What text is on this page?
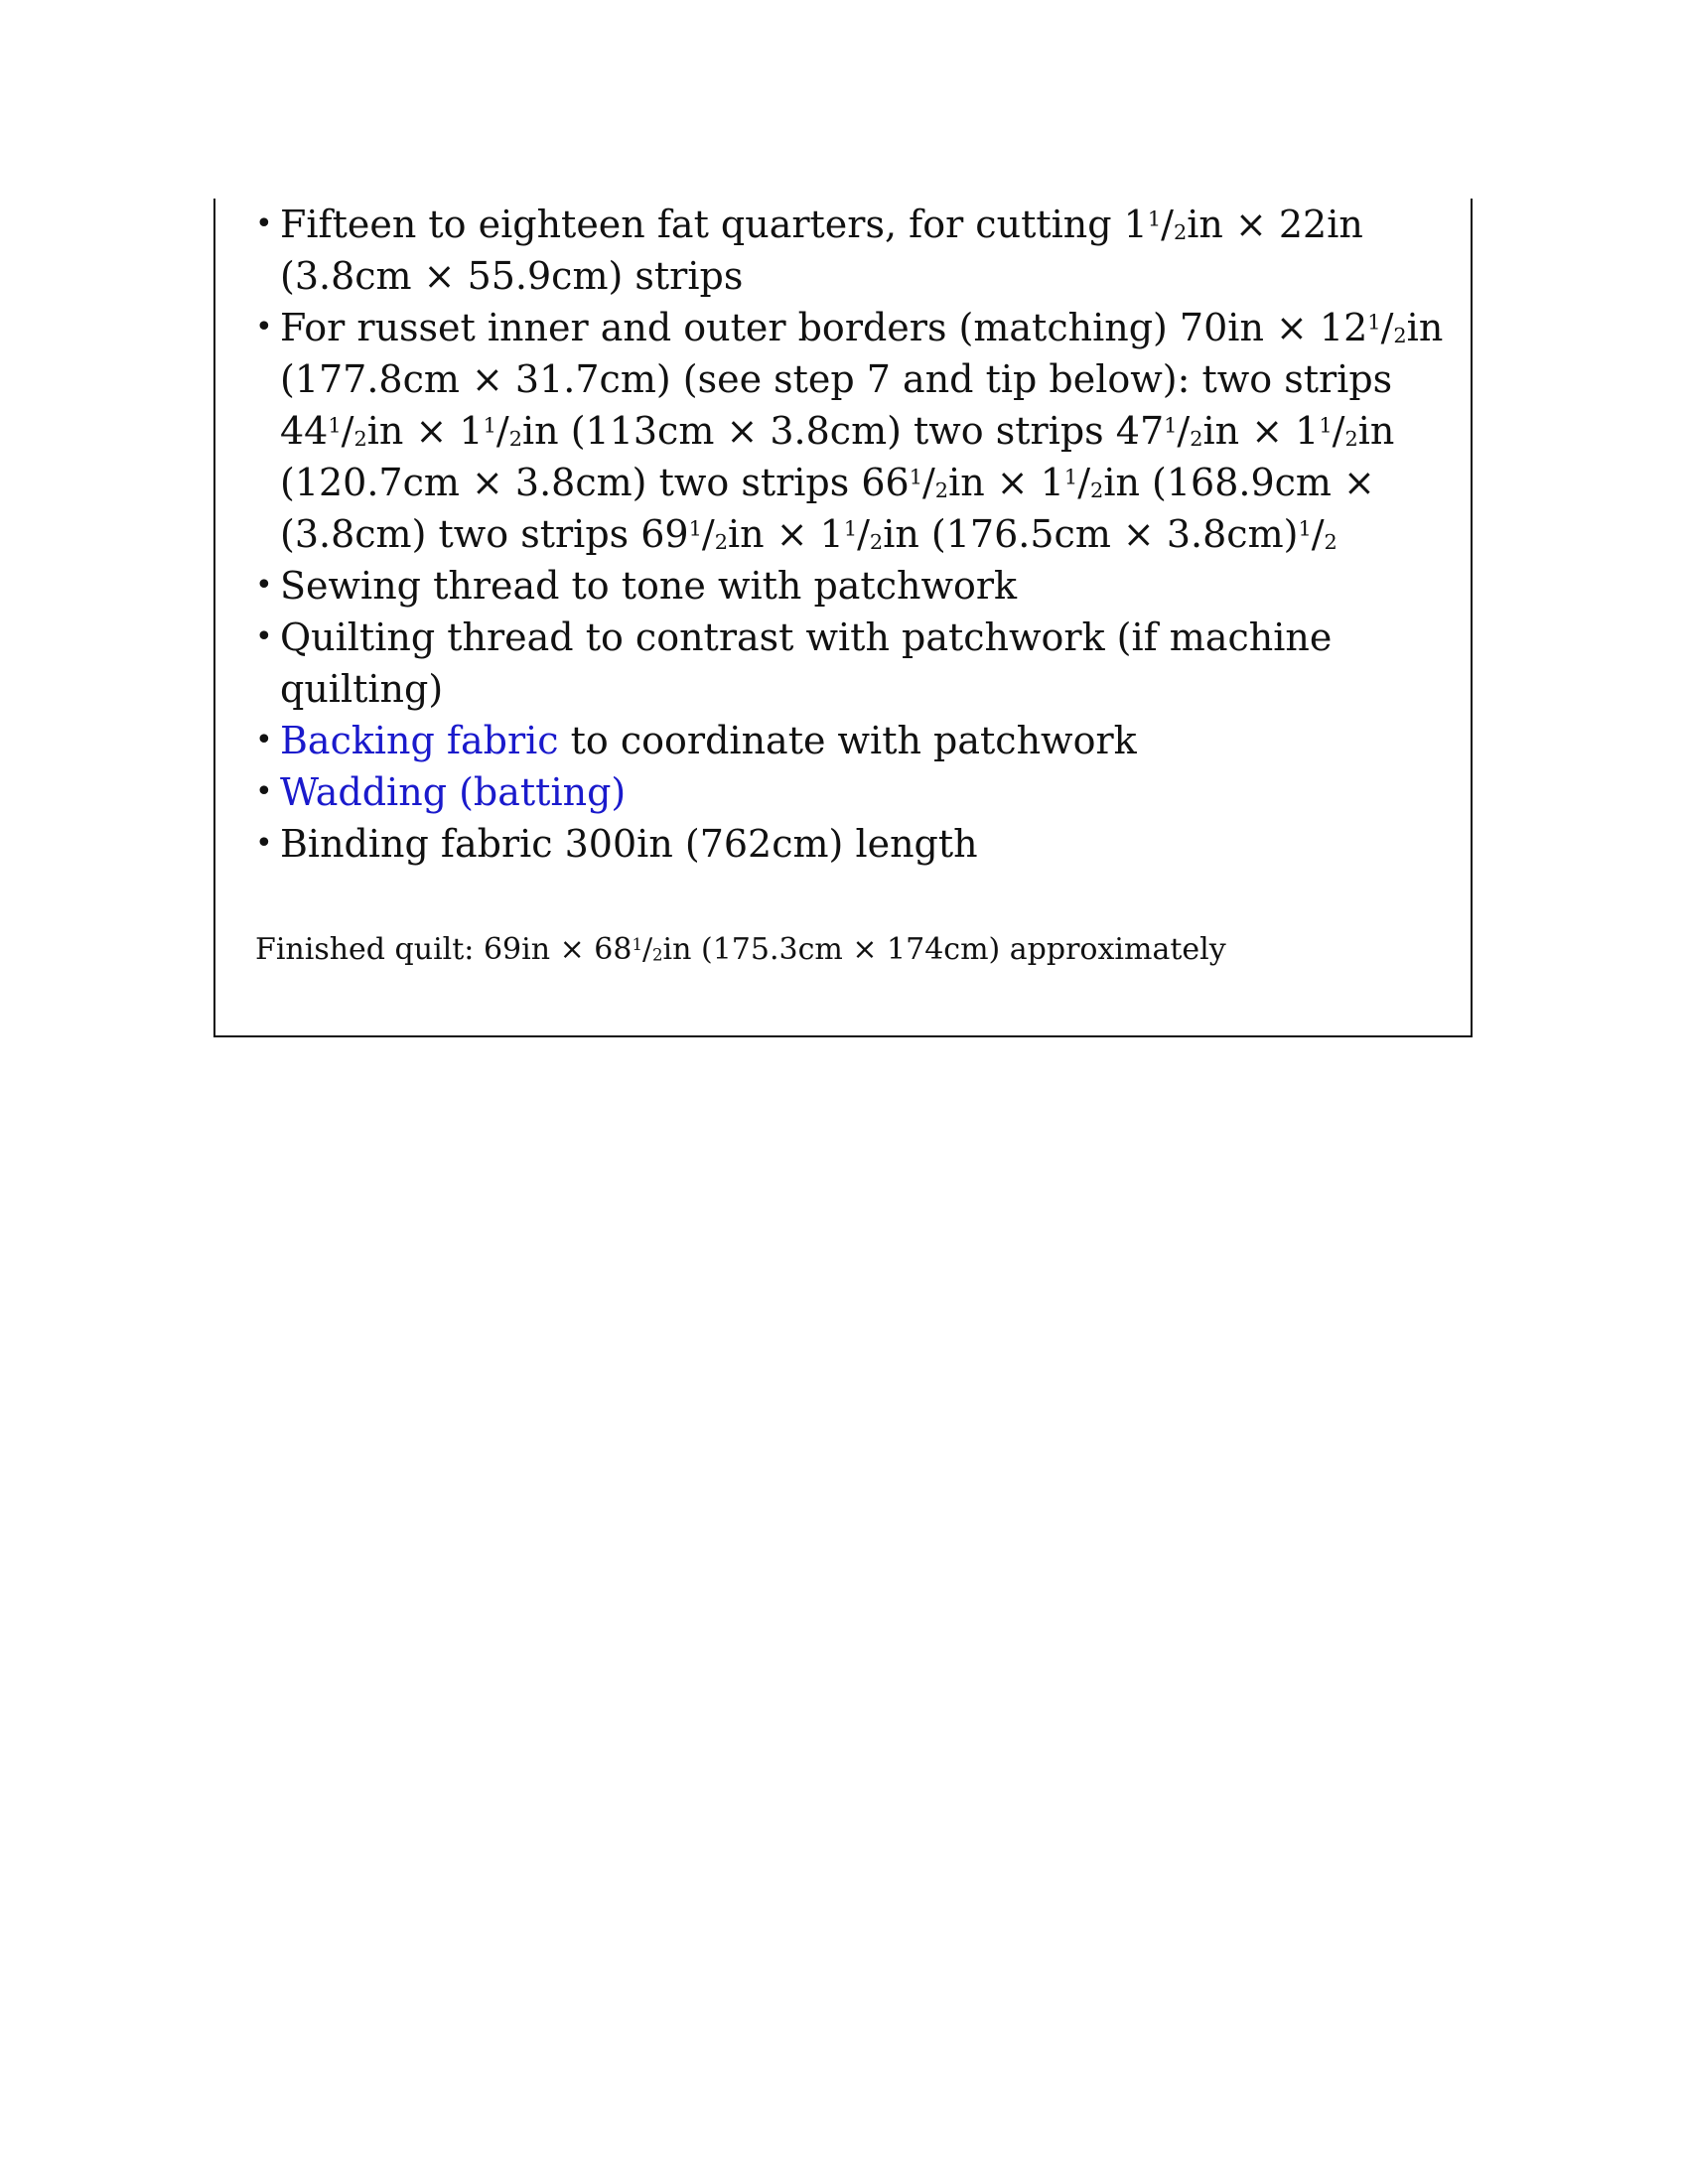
• Fifteen to eighteen fat quarters, for cutting $1^1/_2in \times 22in$ (3.8cm × 55.9cm) strips
• For russet inner and outer borders (matching) $70in \times 12^1/_2in$ (177.8cm × 31.7cm) (see step 7 and tip below): two strips $44^1/_2in \times 1^1/_2in$ (113cm × 3.8cm) two strips $47^1/_2in \times 1^1/_2in$ (120.7cm × 3.8cm) two strips $66^1/_2in \times 1^1/_2in$ (168.9cm × (3.8cm) two strips $69^1/_2in \times 1^1/_2in$ $(176.5cm \times 3.8cm)^1/_2$
• Sewing thread to tone with patchwork
• Quilting thread to contrast with patchwork (if machine quilting)
• Backing fabric to coordinate with patchwork
• Wadding (batting)
• Binding fabric 300in (762cm) length
Finished quilt: $69in \times 68^1/_2in$ (175.3cm × 174cm) approximately
